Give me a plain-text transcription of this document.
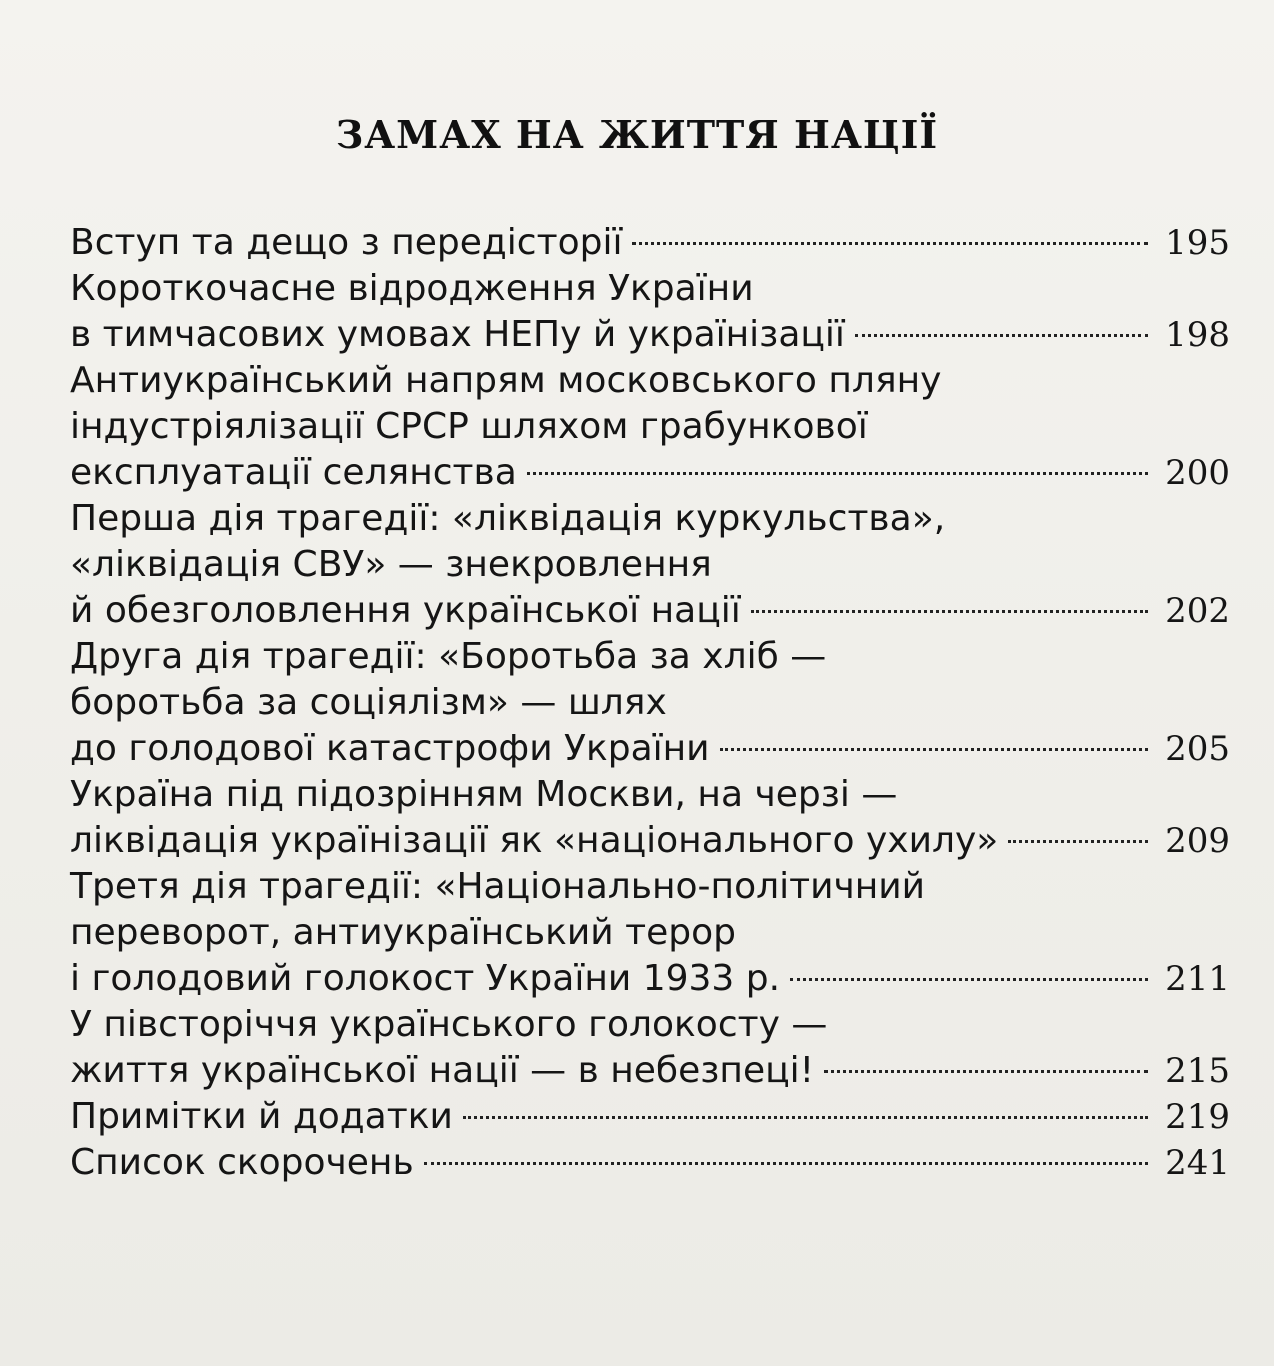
ЗАМАХ НА ЖИТТЯ НАЦІЇ
Вступ та дещо з передісторії	195
Короткочасне відродження України
в тимчасових умовах НЕПу й українізації	198
Антиукраїнський напрям московського пляну
індустріялізації СРСР шляхом грабункової
експлуатації селянства	200
Перша дія трагедії: «ліквідація куркульства»,
«ліквідація СВУ» — знекровлення
й обезголовлення української нації	202
Друга дія трагедії: «Боротьба за хліб —
боротьба за соціялізм» — шлях
до голодової катастрофи України	205
Україна під підозрінням Москви, на черзі —
ліквідація українізації як «національного ухилу»	209
Третя дія трагедії: «Національно-політичний
переворот, антиукраїнський терор
і голодовий голокост України 1933 р.	211
У півсторіччя українського голокосту —
життя української нації — в небезпеці!	215
Примітки й додатки	219
Список скорочень	241
